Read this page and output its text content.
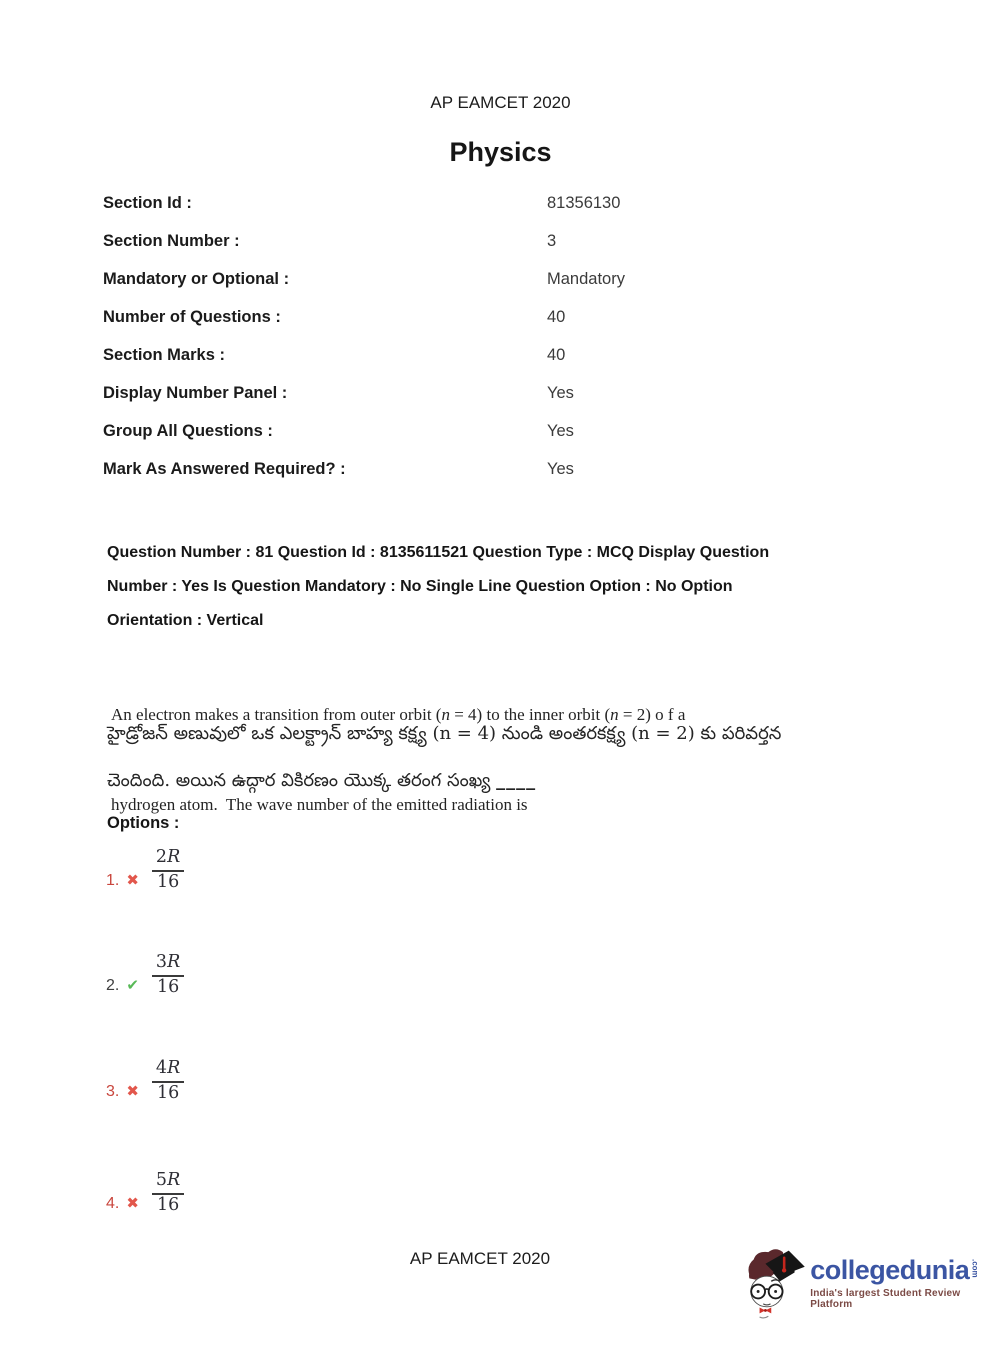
AP EAMCET 2020
Physics
Section Id :	81356130
Section Number :	3
Mandatory or Optional :	Mandatory
Number of Questions :	40
Section Marks :	40
Display Number Panel :	Yes
Group All Questions :	Yes
Mark As Answered Required? :	Yes
Question Number : 81 Question Id : 8135611521 Question Type : MCQ Display Question
Number : Yes Is Question Mandatory : No Single Line Question Option : No Option
Orientation : Vertical

An electron makes a transition from outer orbit (n = 4) to the inner orbit (n = 2) o f a

hydrogen atom.  The wave number of the emitted radiation is

హైడ్రోజన్ అణువులో ఒక ఎలక్ట్రాన్ బాహ్య కక్ష్య (n = 4) నుండి అంతరకక్ష్య (n = 2) కు పరివర్తన
చెందింది. అయిన ఉద్గార వికిరణం యొక్క తరంగ సంఖ్య ____
Options :
1. ✖ $\frac{2R}{16}$
2. ✔ $\frac{3R}{16}$
3. ✖ $\frac{4R}{16}$
4. ✖ $\frac{5R}{16}$
AP EAMCET 2020	collegedunia .com
India's largest Student Review Platform
